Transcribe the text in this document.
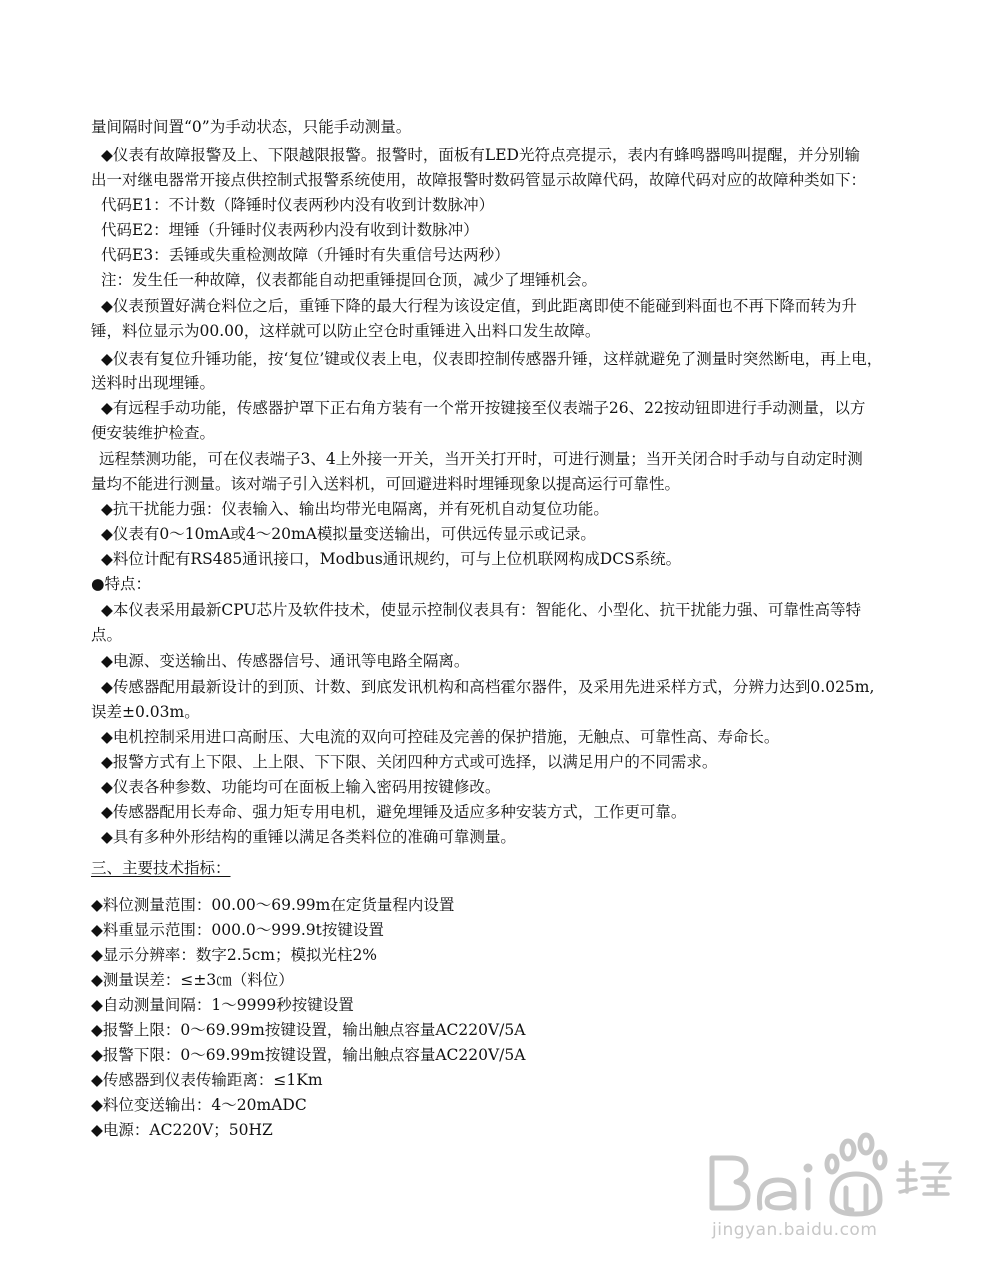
量间隔时间置“0”为手动状态，只能手动测量。
◆仪表有故障报警及上、下限越限报警。报警时，面板有LED光符点亮提示，表内有蜂鸣器鸣叫提醒，并分别输
出一对继电器常开接点供控制式报警系统使用，故障报警时数码管显示故障代码，故障代码对应的故障种类如下：
代码E1：不计数（降锤时仪表两秒内没有收到计数脉冲）
代码E2：埋锤（升锤时仪表两秒内没有收到计数脉冲）
代码E3：丢锤或失重检测故障（升锤时有失重信号达两秒）
注：发生任一种故障，仪表都能自动把重锤提回仓顶，减少了埋锤机会。
◆仪表预置好满仓料位之后，重锤下降的最大行程为该设定值，到此距离即使不能碰到料面也不再下降而转为升
锤，料位显示为00.00，这样就可以防止空仓时重锤进入出料口发生故障。
◆仪表有复位升锤功能，按‘复位’键或仪表上电，仪表即控制传感器升锤，这样就避免了测量时突然断电，再上电，
送料时出现埋锤。
◆有远程手动功能，传感器护罩下正右角方装有一个常开按键接至仪表端子26、22按动钮即进行手动测量，以方
便安装维护检查。
远程禁测功能，可在仪表端子3、4上外接一开关，当开关打开时，可进行测量；当开关闭合时手动与自动定时测
量均不能进行测量。该对端子引入送料机，可回避进料时埋锤现象以提高运行可靠性。
◆抗干扰能力强：仪表输入、输出均带光电隔离，并有死机自动复位功能。
◆仪表有0～10mA或4～20mA模拟量变送输出，可供远传显示或记录。
◆料位计配有RS485通讯接口，Modbus通讯规约，可与上位机联网构成DCS系统。
●特点：
◆本仪表采用最新CPU芯片及软件技术，使显示控制仪表具有：智能化、小型化、抗干扰能力强、可靠性高等特
点。
◆电源、变送输出、传感器信号、通讯等电路全隔离。
◆传感器配用最新设计的到顶、计数、到底发讯机构和高档霍尔器件，及采用先进采样方式，分辨力达到0.025m,
误差±0.03m。
◆电机控制采用进口高耐压、大电流的双向可控硅及完善的保护措施，无触点、可靠性高、寿命长。
◆报警方式有上下限、上上限、下下限、关闭四种方式或可选择，以满足用户的不同需求。
◆仪表各种参数、功能均可在面板上输入密码用按键修改。
◆传感器配用长寿命、强力矩专用电机，避免埋锤及适应多种安装方式，工作更可靠。
◆具有多种外形结构的重锤以满足各类料位的准确可靠测量。
三、主要技术指标：
◆料位测量范围：00.00～69.99m在定货量程内设置
◆料重显示范围：000.0～999.9t按键设置
◆显示分辨率：数字2.5cm；模拟光柱2%
◆测量误差：≤±3㎝（料位）
◆自动测量间隔：1～9999秒按键设置
◆报警上限：0～69.99m按键设置，输出触点容量AC220V/5A
◆报警下限：0～69.99m按键设置，输出触点容量AC220V/5A
◆传感器到仪表传输距离：≤1Km
◆料位变送输出：4～20mADC
◆电源：AC220V；50HZ
jingyan.baidu.com
